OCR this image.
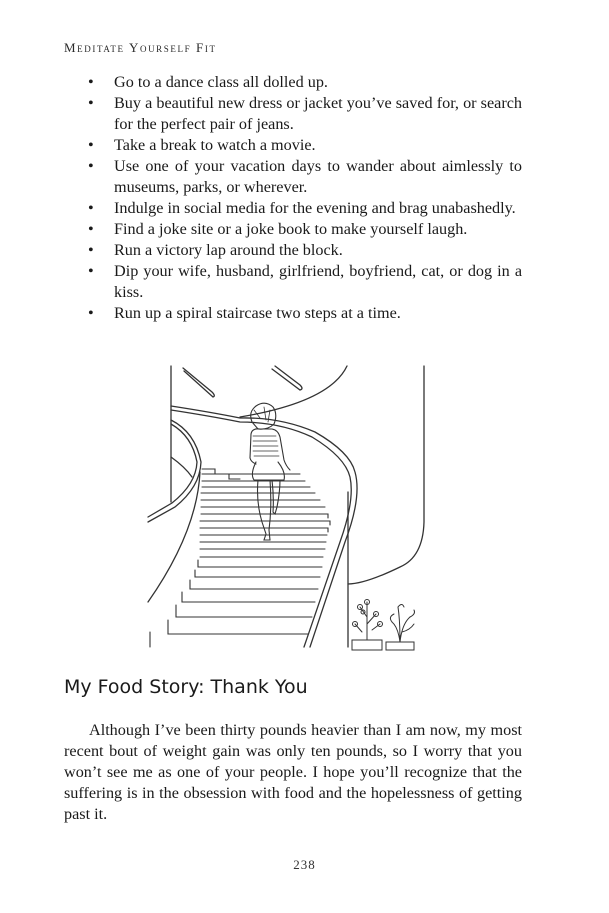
Meditate Yourself Fit
• Go to a dance class all dolled up.
• Buy a beautiful new dress or jacket you’ve saved for, or search for the perfect pair of jeans.
• Take a break to watch a movie.
• Use one of your vacation days to wander about aimlessly to museums, parks, or wherever.
• Indulge in social media for the evening and brag unabashedly.
• Find a joke site or a joke book to make yourself laugh.
• Run a victory lap around the block.
• Dip your wife, husband, girlfriend, boyfriend, cat, or dog in a kiss.
• Run up a spiral staircase two steps at a time.
My Food Story: Thank You

Although I’ve been thirty pounds heavier than I am now, my most recent bout of weight gain was only ten pounds, so I worry that you won’t see me as one of your people. I hope you’ll recognize that the suffering is in the obsession with food and the hopelessness of getting past it.

238
